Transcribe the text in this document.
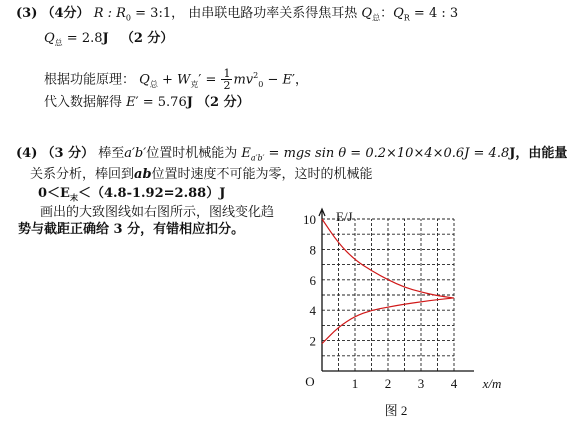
(3) （4分） R : $R_0$ = 3:1， 由串联电路功率关系得焦耳热 $Q_总$：$Q_R = 4$ : 3
$Q_总 = 2.8J$ （2 分）
根据功能原理： $Q_总 + W_克' = \frac{1}{2} mv^2_0 - E'$，
代入数据解得 E′ = 5.76J （2 分）
(4) （3 分） 棒至a′b′位置时机械能为 $E_{a'b'}$ = mgs sin θ = 0.2×10×4×0.6J = 4.8J，由能量
关系分析，棒回到ab位置时速度不可能为零，这时的机械能
$0<E_末<(4.8-1.92=2.88)J$
画出的大致图线如右图所示，图线变化趋
势与截距正确给 3 分，有错相应扣分。
1 2 3 4
2
4
6
8
10
O
E/J
x/m
图 2
